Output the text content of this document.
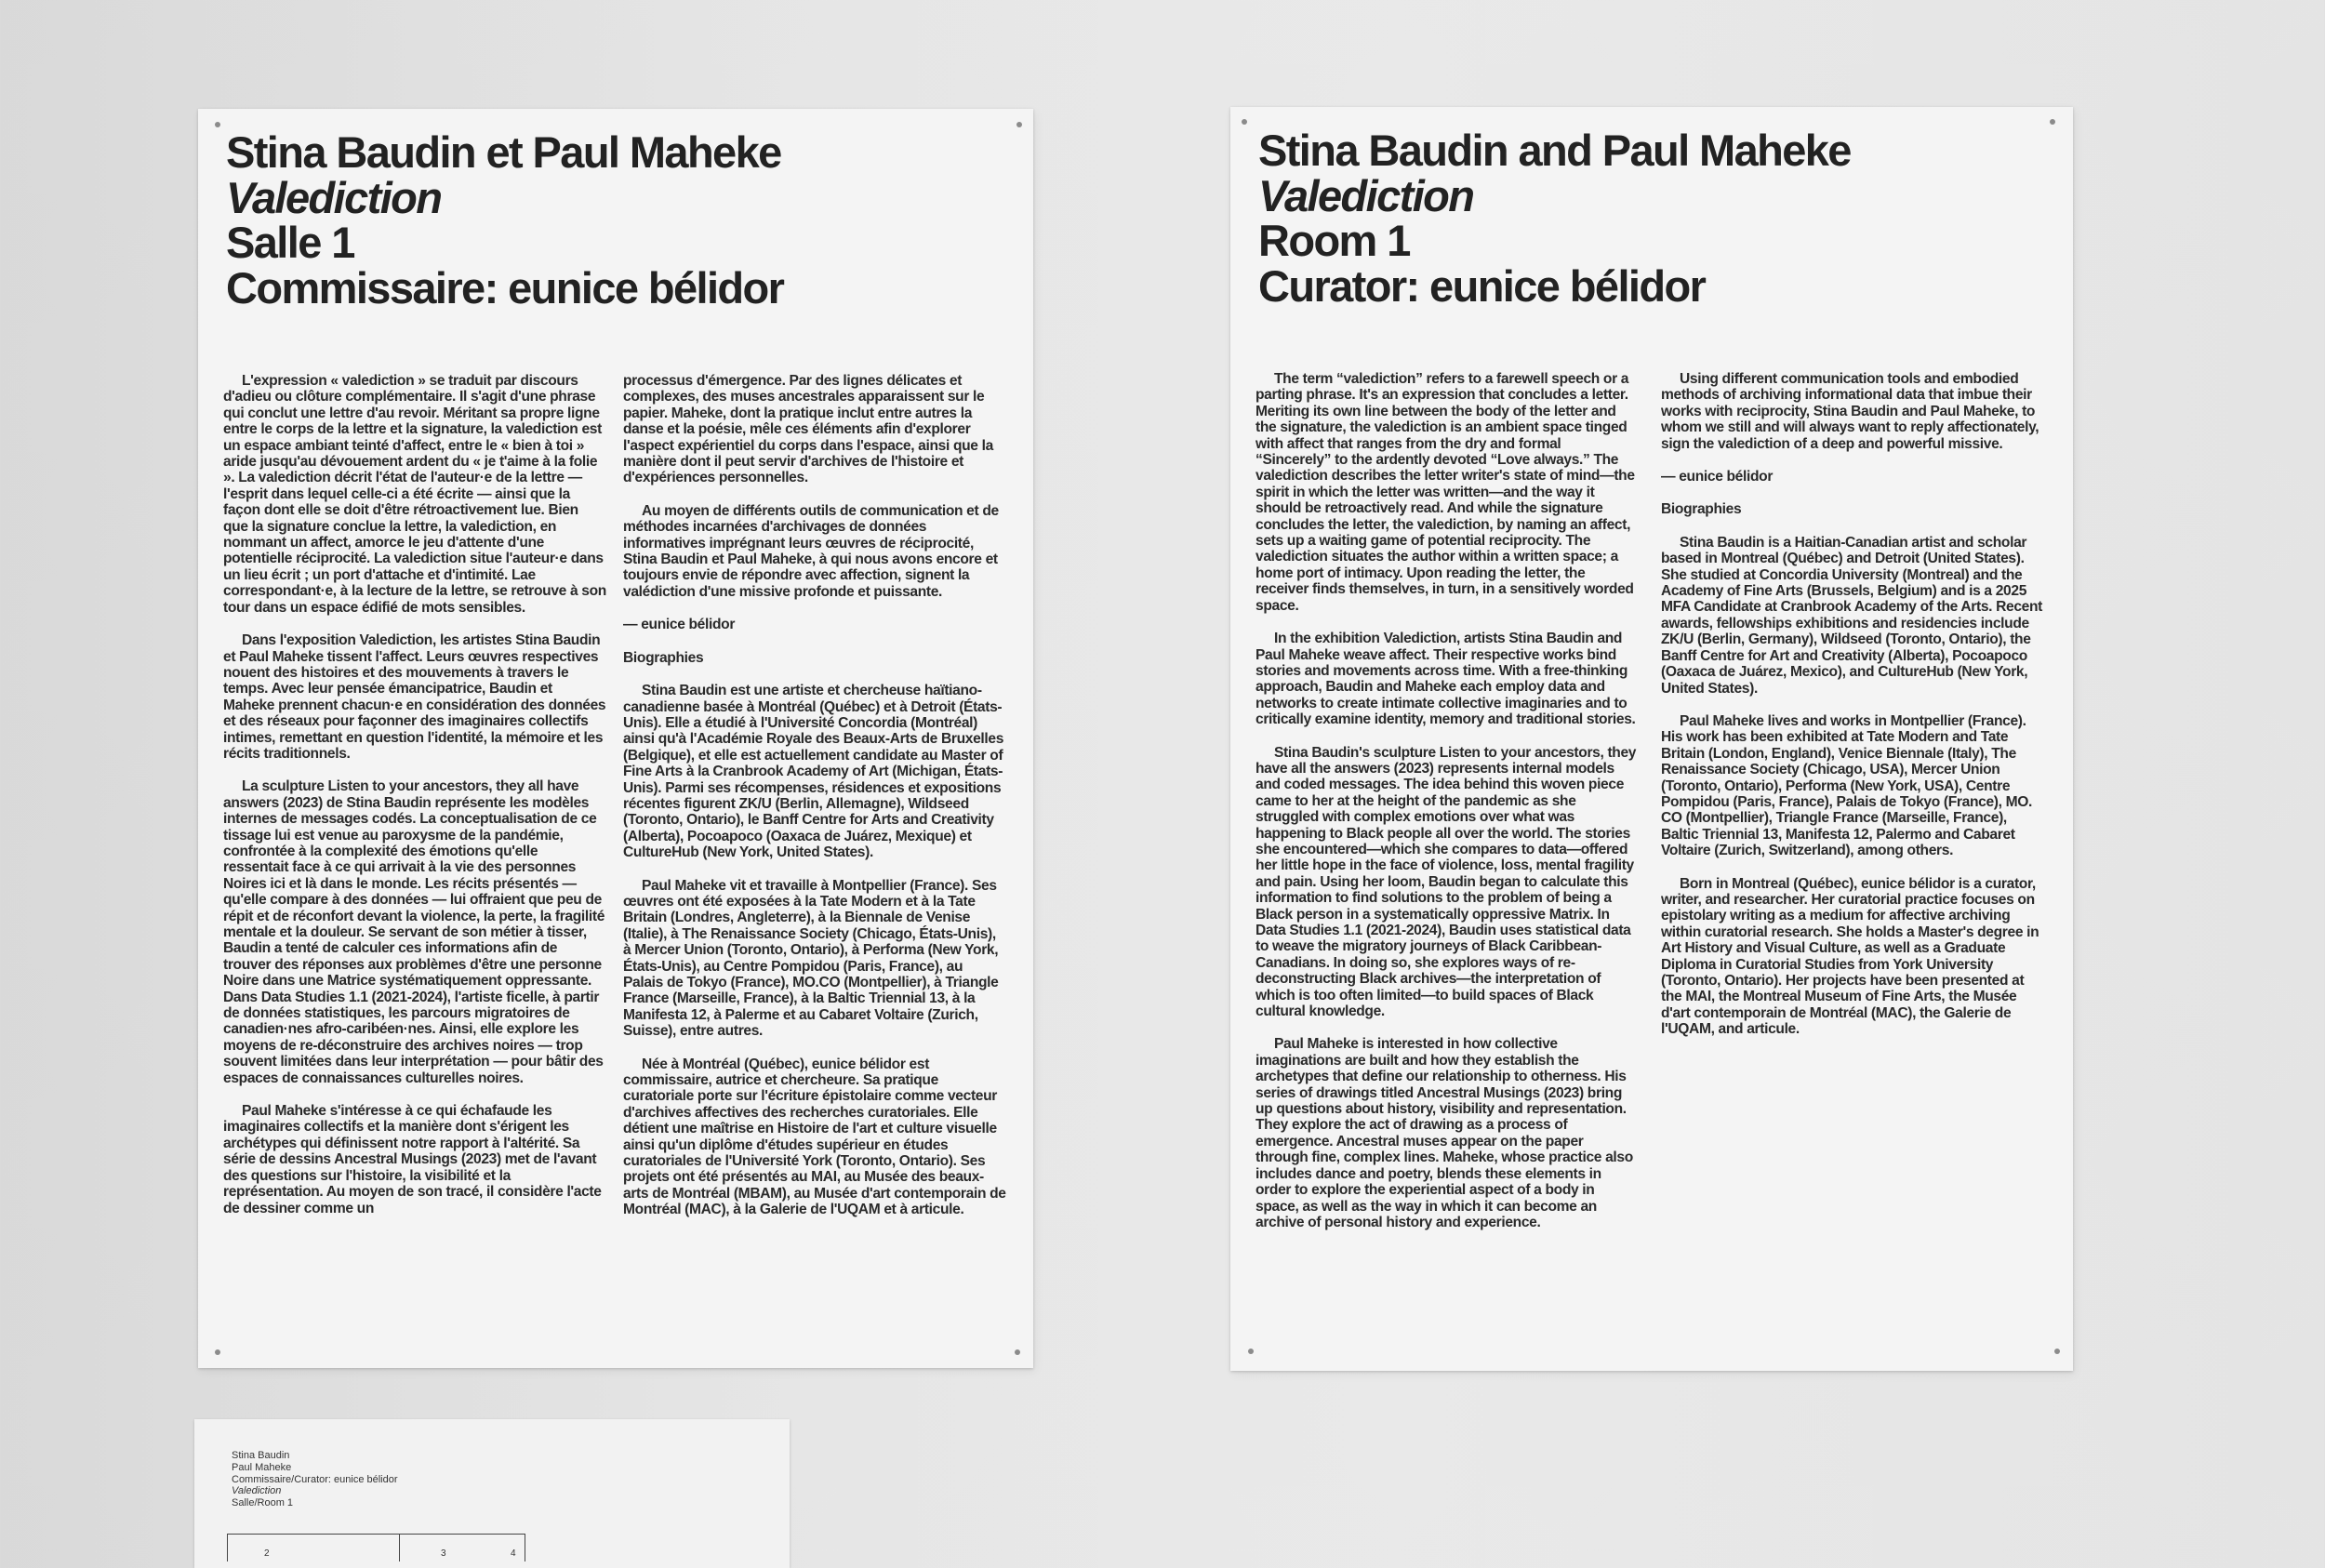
Stina Baudin et Paul Maheke
Valediction
Salle 1
Commissaire: eunice bélidor

L'expression « valediction » se traduit par discours d'adieu ou clôture complémentaire. Il s'agit d'une phrase qui conclut une lettre d'au revoir. Méritant sa propre ligne entre le corps de la lettre et la signature, la valediction est un espace ambiant teinté d'affect, entre le « bien à toi » aride jusqu'au dévouement ardent du « je t'aime à la folie ». La valediction décrit l'état de l'auteur·e de la lettre — l'esprit dans lequel celle-ci a été écrite — ainsi que la façon dont elle se doit d'être rétroactivement lue. Bien que la signature conclue la lettre, la valediction, en nommant un affect, amorce le jeu d'attente d'une potentielle réciprocité. La valediction situe l'auteur·e dans un lieu écrit ; un port d'attache et d'intimité. Lae correspondant·e, à la lecture de la lettre, se retrouve à son tour dans un espace édifié de mots sensibles.

Dans l'exposition Valediction, les artistes Stina Baudin et Paul Maheke tissent l'affect. Leurs œuvres respectives nouent des histoires et des mouvements à travers le temps. Avec leur pensée émancipatrice, Baudin et Maheke prennent chacun·e en considération des données et des réseaux pour façonner des imaginaires collectifs intimes, remettant en question l'identité, la mémoire et les récits traditionnels.

La sculpture Listen to your ancestors, they all have answers (2023) de Stina Baudin représente les modèles internes de messages codés. La conceptualisation de ce tissage lui est venue au paroxysme de la pandémie, confrontée à la complexité des émotions qu'elle ressentait face à ce qui arrivait à la vie des personnes Noires ici et là dans le monde. Les récits présentés — qu'elle compare à des données — lui offraient que peu de répit et de réconfort devant la violence, la perte, la fragilité mentale et la douleur. Se servant de son métier à tisser, Baudin a tenté de calculer ces informations afin de trouver des réponses aux problèmes d'être une personne Noire dans une Matrice systématiquement oppressante. Dans Data Studies 1.1 (2021-2024), l'artiste ficelle, à partir de données statistiques, les parcours migratoires de canadien·nes afro-caribéen·nes. Ainsi, elle explore les moyens de re-déconstruire des archives noires — trop souvent limitées dans leur interprétation — pour bâtir des espaces de connaissances culturelles noires.

Paul Maheke s'intéresse à ce qui échafaude les imaginaires collectifs et la manière dont s'érigent les archétypes qui définissent notre rapport à l'altérité. Sa série de dessins Ancestral Musings (2023) met de l'avant des questions sur l'histoire, la visibilité et la représentation. Au moyen de son tracé, il considère l'acte de dessiner comme un

processus d'émergence. Par des lignes délicates et complexes, des muses ancestrales apparaissent sur le papier. Maheke, dont la pratique inclut entre autres la danse et la poésie, mêle ces éléments afin d'explorer l'aspect expérientiel du corps dans l'espace, ainsi que la manière dont il peut servir d'archives de l'histoire et d'expériences personnelles.

Au moyen de différents outils de communication et de méthodes incarnées d'archivages de données informatives imprégnant leurs œuvres de réciprocité, Stina Baudin et Paul Maheke, à qui nous avons encore et toujours envie de répondre avec affection, signent la valédiction d'une missive profonde et puissante.

— eunice bélidor

Biographies

Stina Baudin est une artiste et chercheuse haïtiano-canadienne basée à Montréal (Québec) et à Detroit (États-Unis). Elle a étudié à l'Université Concordia (Montréal) ainsi qu'à l'Académie Royale des Beaux-Arts de Bruxelles (Belgique), et elle est actuellement candidate au Master of Fine Arts à la Cranbrook Academy of Art (Michigan, États-Unis). Parmi ses récompenses, résidences et expositions récentes figurent ZK/U (Berlin, Allemagne), Wildseed (Toronto, Ontario), le Banff Centre for Arts and Creativity (Alberta), Pocoapoco (Oaxaca de Juárez, Mexique) et CultureHub (New York, United States).

Paul Maheke vit et travaille à Montpellier (France). Ses œuvres ont été exposées à la Tate Modern et à la Tate Britain (Londres, Angleterre), à la Biennale de Venise (Italie), à The Renaissance Society (Chicago, États-Unis), à Mercer Union (Toronto, Ontario), à Performa (New York, États-Unis), au Centre Pompidou (Paris, France), au Palais de Tokyo (France), MO.CO (Montpellier), à Triangle France (Marseille, France), à la Baltic Triennial 13, à la Manifesta 12, à Palerme et au Cabaret Voltaire (Zurich, Suisse), entre autres.

Née à Montréal (Québec), eunice bélidor est commissaire, autrice et chercheure. Sa pratique curatoriale porte sur l'écriture épistolaire comme vecteur d'archives affectives des recherches curatoriales. Elle détient une maîtrise en Histoire de l'art et culture visuelle ainsi qu'un diplôme d'études supérieur en études curatoriales de l'Université York (Toronto, Ontario). Ses projets ont été présentés au MAI, au Musée des beaux-arts de Montréal (MBAM), au Musée d'art contemporain de Montréal (MAC), à la Galerie de l'UQAM et à articule.

Stina Baudin and Paul Maheke
Valediction
Room 1
Curator: eunice bélidor

The term “valediction” refers to a farewell speech or a parting phrase. It's an expression that concludes a letter. Meriting its own line between the body of the letter and the signature, the valediction is an ambient space tinged with affect that ranges from the dry and formal “Sincerely” to the ardently devoted “Love always.” The valediction describes the letter writer's state of mind—the spirit in which the letter was written—and the way it should be retroactively read. And while the signature concludes the letter, the valediction, by naming an affect, sets up a waiting game of potential reciprocity. The valediction situates the author within a written space; a home port of intimacy. Upon reading the letter, the receiver finds themselves, in turn, in a sensitively worded space.

In the exhibition Valediction, artists Stina Baudin and Paul Maheke weave affect. Their respective works bind stories and movements across time. With a free-thinking approach, Baudin and Maheke each employ data and networks to create intimate collective imaginaries and to critically examine identity, memory and traditional stories.

Stina Baudin's sculpture Listen to your ancestors, they have all the answers (2023) represents internal models and coded messages. The idea behind this woven piece came to her at the height of the pandemic as she struggled with complex emotions over what was happening to Black people all over the world. The stories she encountered—which she compares to data—offered her little hope in the face of violence, loss, mental fragility and pain. Using her loom, Baudin began to calculate this information to find solutions to the problem of being a Black person in a systematically oppressive Matrix. In Data Studies 1.1 (2021-2024), Baudin uses statistical data to weave the migratory journeys of Black Caribbean-Canadians. In doing so, she explores ways of re-deconstructing Black archives—the interpretation of which is too often limited—to build spaces of Black cultural knowledge.

Paul Maheke is interested in how collective imaginations are built and how they establish the archetypes that define our relationship to otherness. His series of drawings titled Ancestral Musings (2023) bring up questions about history, visibility and representation. They explore the act of drawing as a process of emergence. Ancestral muses appear on the paper through fine, complex lines. Maheke, whose practice also includes dance and poetry, blends these elements in order to explore the experiential aspect of a body in space, as well as the way in which it can become an archive of personal history and experience.

Using different communication tools and embodied methods of archiving informational data that imbue their works with reciprocity, Stina Baudin and Paul Maheke, to whom we still and will always want to reply affectionately, sign the valediction of a deep and powerful missive.

— eunice bélidor

Biographies

Stina Baudin is a Haitian-Canadian artist and scholar based in Montreal (Québec) and Detroit (United States). She studied at Concordia University (Montreal) and the Academy of Fine Arts (Brussels, Belgium) and is a 2025 MFA Candidate at Cranbrook Academy of the Arts. Recent awards, fellowships exhibitions and residencies include ZK/U (Berlin, Germany), Wildseed (Toronto, Ontario), the Banff Centre for Art and Creativity (Alberta), Pocoapoco (Oaxaca de Juárez, Mexico), and CultureHub (New York, United States).

Paul Maheke lives and works in Montpellier (France). His work has been exhibited at Tate Modern and Tate Britain (London, England), Venice Biennale (Italy), The Renaissance Society (Chicago, USA), Mercer Union (Toronto, Ontario), Performa (New York, USA), Centre Pompidou (Paris, France), Palais de Tokyo (France), MO. CO (Montpellier), Triangle France (Marseille, France), Baltic Triennial 13, Manifesta 12, Palermo and Cabaret Voltaire (Zurich, Switzerland), among others.

Born in Montreal (Québec), eunice bélidor is a curator, writer, and researcher. Her curatorial practice focuses on epistolary writing as a medium for affective archiving within curatorial research. She holds a Master's degree in Art History and Visual Culture, as well as a Graduate Diploma in Curatorial Studies from York University (Toronto, Ontario). Her projects have been presented at the MAI, the Montreal Museum of Fine Arts, the Musée d'art contemporain de Montréal (MAC), the Galerie de l'UQAM, and articule.

Stina Baudin
Paul Maheke
Commissaire/Curator: eunice bélidor
Valediction
Salle/Room 1
2	3	4
